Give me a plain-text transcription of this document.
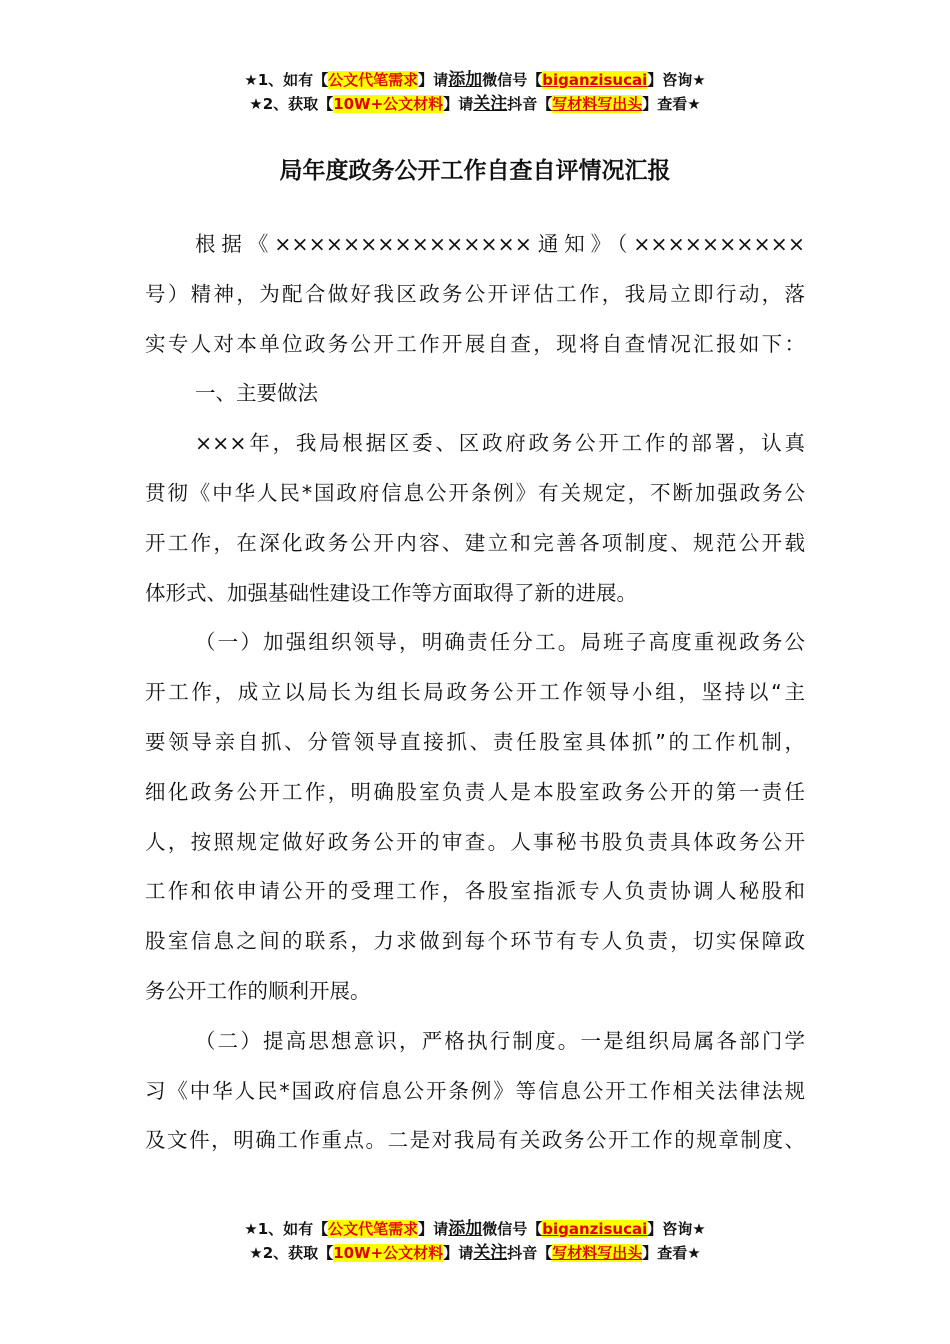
★1、如有【公文代笔需求】请添加微信号【biganzisucai】咨询★
★2、获取【10W+公文材料】请关注抖音【写材料写出头】查看★
局年度政务公开工作自查自评情况汇报
根据《×××××××××××××××通知》（××××××××××
号）精神，为配合做好我区政务公开评估工作，我局立即行动，落
实专人对本单位政务公开工作开展自查，现将自查情况汇报如下：
一、主要做法
×××年，我局根据区委、区政府政务公开工作的部署，认真
贯彻《中华人民*国政府信息公开条例》有关规定，不断加强政务公
开工作，在深化政务公开内容、建立和完善各项制度、规范公开载
体形式、加强基础性建设工作等方面取得了新的进展。
（一）加强组织领导，明确责任分工。局班子高度重视政务公
开工作，成立以局长为组长局政务公开工作领导小组，坚持以“主
要领导亲自抓、分管领导直接抓、责任股室具体抓”的工作机制，
细化政务公开工作，明确股室负责人是本股室政务公开的第一责任
人，按照规定做好政务公开的审查。人事秘书股负责具体政务公开
工作和依申请公开的受理工作，各股室指派专人负责协调人秘股和
股室信息之间的联系，力求做到每个环节有专人负责，切实保障政
务公开工作的顺利开展。
（二）提高思想意识，严格执行制度。一是组织局属各部门学
习《中华人民*国政府信息公开条例》等信息公开工作相关法律法规
及文件，明确工作重点。二是对我局有关政务公开工作的规章制度、
★1、如有【公文代笔需求】请添加微信号【biganzisucai】咨询★
★2、获取【10W+公文材料】请关注抖音【写材料写出头】查看★
